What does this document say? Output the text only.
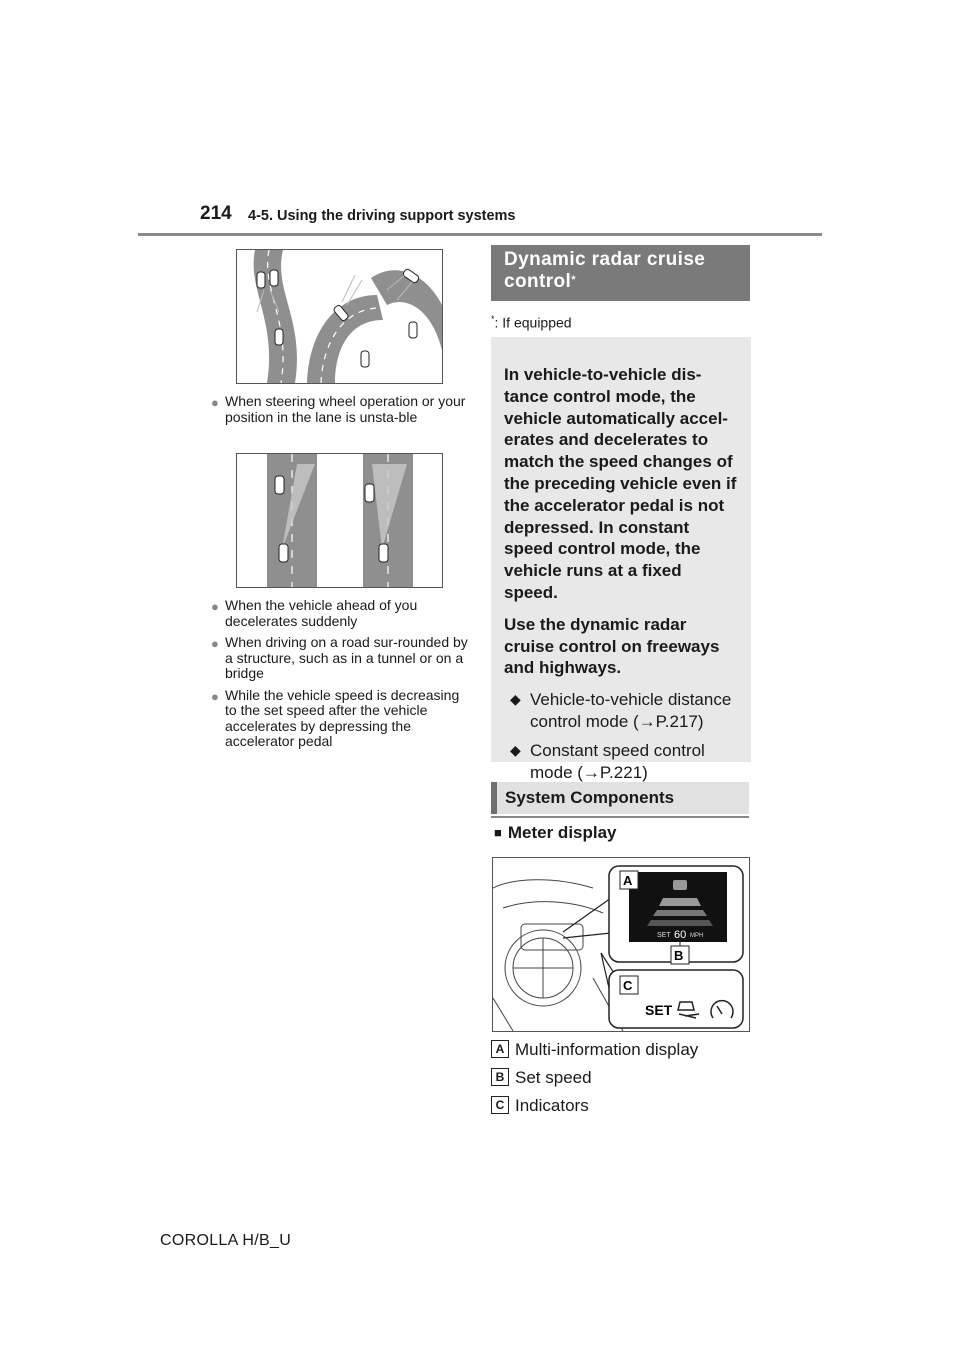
214 4-5. Using the driving support systems
● When steering wheel operation or your position in the lane is unsta-ble
● When the vehicle ahead of you decelerates suddenly
● When driving on a road sur-rounded by a structure, such as in a tunnel or on a bridge
● While the vehicle speed is decreasing to the set speed after the vehicle accelerates by depressing the accelerator pedal
Dynamic radar cruise control*
*: If equipped
In vehicle-to-vehicle dis-tance control mode, the vehicle automatically accel-erates and decelerates to match the speed changes of the preceding vehicle even if the accelerator pedal is not depressed. In constant speed control mode, the vehicle runs at a fixed speed.
Use the dynamic radar cruise control on freeways and highways.
◆ Vehicle-to-vehicle distance control mode (→P.217)
◆ Constant speed control mode (→P.221)
System Components
■ Meter display
SET 60 MPH
A
B
C
SET
A Multi-information display
B Set speed
C Indicators
COROLLA H/B_U
